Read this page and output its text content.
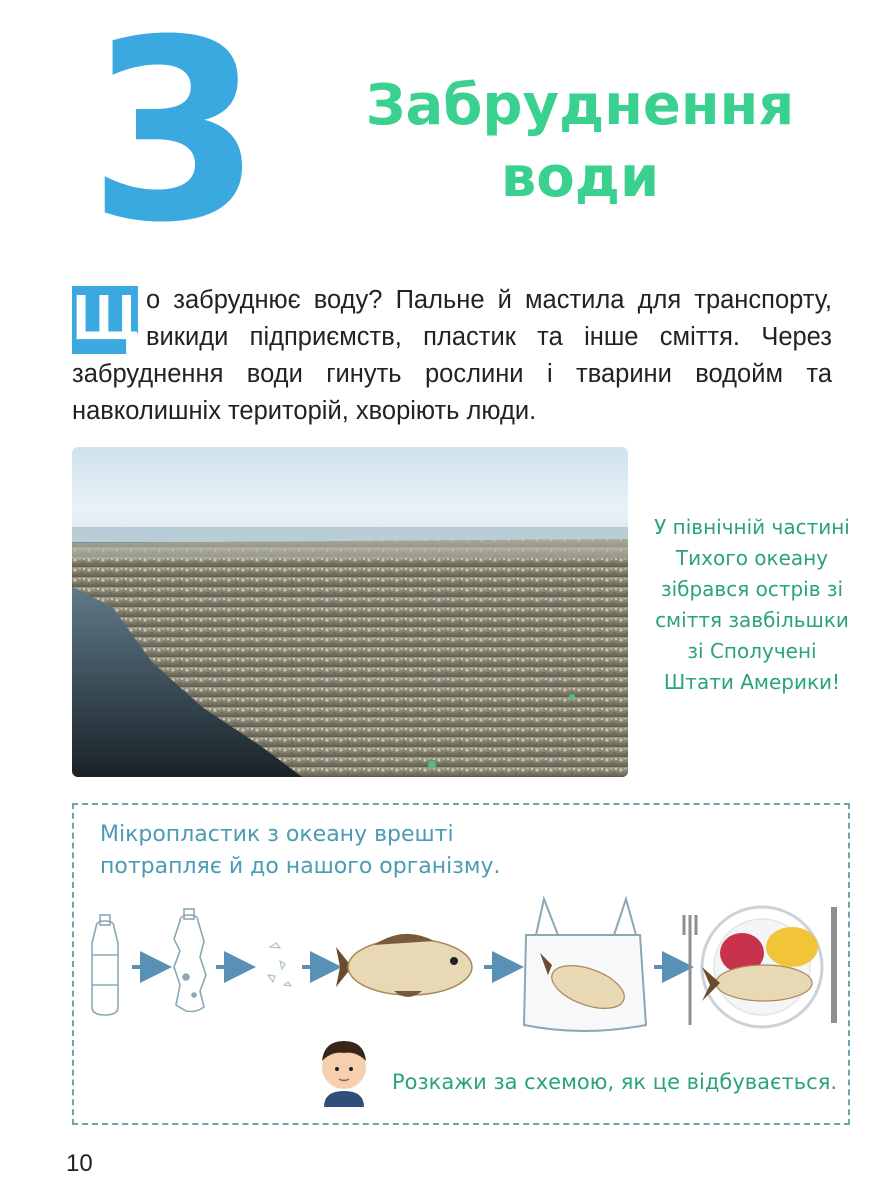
3	Забруднення
води
Щ о забруднює воду? Пальне й мастила для транспорту, викиди підприємств, пластик та інше сміття. Через забруднення води гинуть рослини і тварини водойм та навколишніх територій, хворіють люди.
У північній частині
Тихого океану
зібрався острів зі
сміття завбільшки
зі Сполучені
Штати Америки!
Мікропластик з океану врешті
потрапляє й до нашого організму.
Розкажи за схемою, як це відбувається.
10
